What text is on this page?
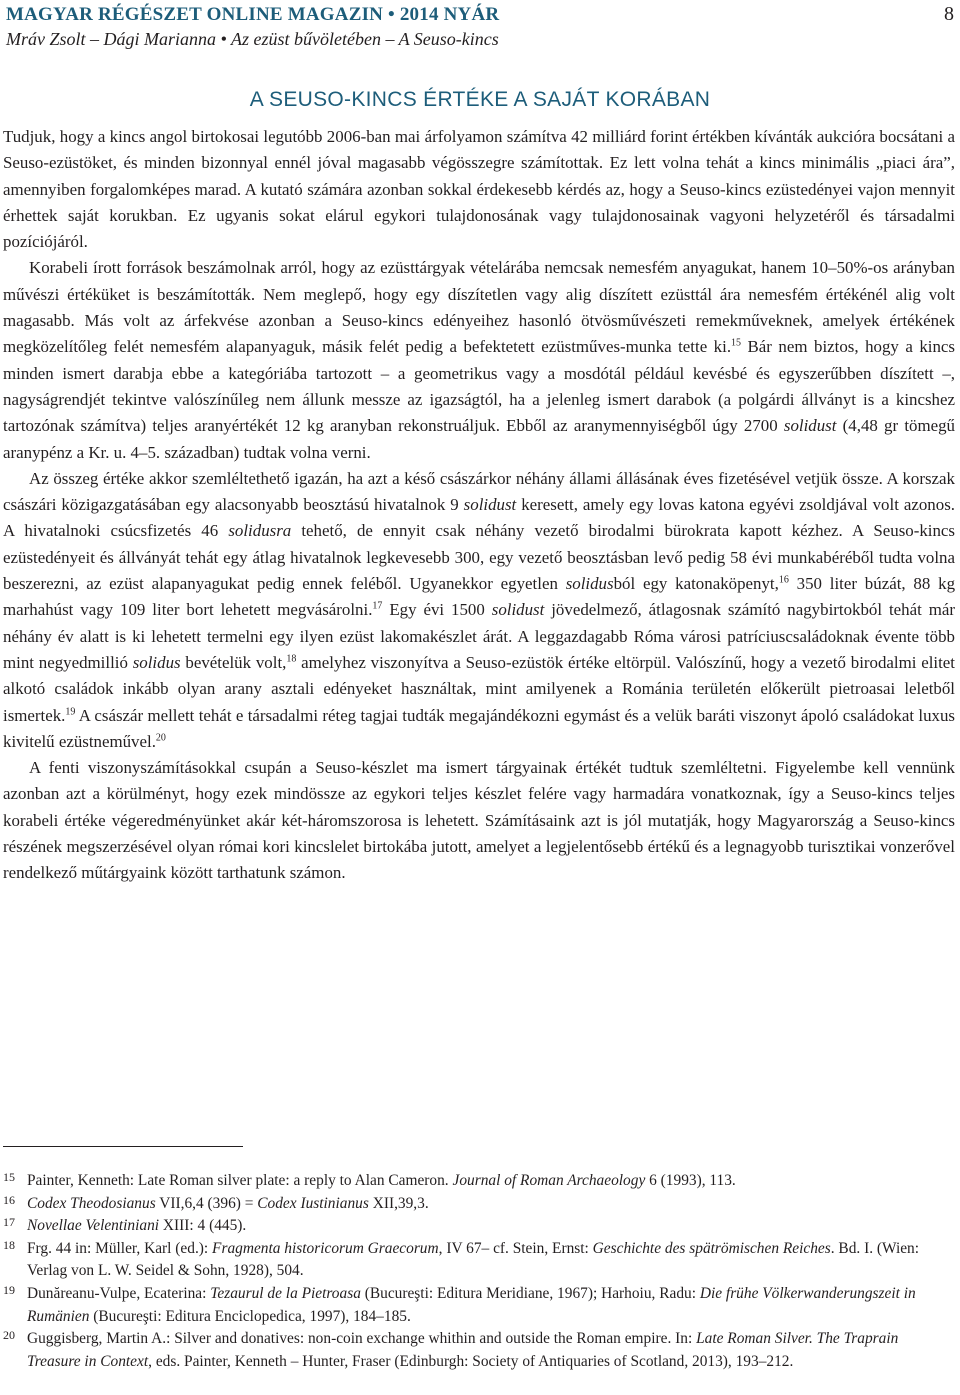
MAGYAR RÉGÉSZET ONLINE MAGAZIN • 2014 NYÁR	8
Mráv Zsolt – Dági Marianna • Az ezüst bűvöletében – A Seuso-kincs
A SEUSO-KINCS ÉRTÉKE A SAJÁT KORÁBAN

Tudjuk, hogy a kincs angol birtokosai legutóbb 2006-ban mai árfolyamon számítva 42 milliárd forint értékben kívánták aukcióra bocsátani a Seuso-ezüstöket, és minden bizonnyal ennél jóval magasabb végösszegre számítottak. Ez lett volna tehát a kincs minimális „piaci ára”, amennyiben forgalomképes marad. A kutató számára azonban sokkal érdekesebb kérdés az, hogy a Seuso-kincs ezüstedényei vajon mennyit érhettek saját korukban. Ez ugyanis sokat elárul egykori tulajdonosának vagy tulajdonosainak vagyoni helyzetéről és társadalmi pozíciójáról.

Korabeli írott források beszámolnak arról, hogy az ezüsttárgyak vételárába nemcsak nemesfém anyagukat, hanem 10–50%-os arányban művészi értéküket is beszámították. Nem meglepő, hogy egy díszítetlen vagy alig díszített ezüsttál ára nemesfém értékénél alig volt magasabb. Más volt az árfekvése azonban a Seuso-kincs edényeihez hasonló ötvösművészeti remekműveknek, amelyek értékének megközelítőleg felét nemesfém alapanyaguk, másik felét pedig a befektetett ezüstműves-munka tette ki.$^{15}$ Bár nem biztos, hogy a kincs minden ismert darabja ebbe a kategóriába tartozott – a geometrikus vagy a mosdótál például kevésbé és egyszerűbben díszített –, nagyságrendjét tekintve valószínűleg nem állunk messze az igazságtól, ha a jelenleg ismert darabok (a polgárdi állványt is a kincshez tartozónak számítva) teljes aranyértékét 12 kg aranyban rekonstruáljuk. Ebből az aranymennyiségből úgy 2700 solidust (4,48 gr tömegű aranypénz a Kr. u. 4–5. században) tudtak volna verni.

Az összeg értéke akkor szemléltethető igazán, ha azt a késő császárkor néhány állami állásának éves fizetésével vetjük össze. A korszak császári közigazgatásában egy alacsonyabb beosztású hivatalnok 9 solidust keresett, amely egy lovas katona egyévi zsoldjával volt azonos. A hivatalnoki csúcsfizetés 46 solidusra tehető, de ennyit csak néhány vezető birodalmi bürokrata kapott kézhez. A Seuso-kincs ezüstedényeit és állványát tehát egy átlag hivatalnok legkevesebb 300, egy vezető beosztásban levő pedig 58 évi munkabéréből tudta volna beszerezni, az ezüst alapanyagukat pedig ennek feléből. Ugyanekkor egyetlen solidusból egy katonaköpenyt,$^{16}$ 350 liter búzát, 88 kg marhahúst vagy 109 liter bort lehetett megvásárolni.$^{17}$ Egy évi 1500 solidust jövedelmező, átlagosnak számító nagybirtokból tehát már néhány év alatt is ki lehetett termelni egy ilyen ezüst lakomakészlet árát. A leggazdagabb Róma városi patríciuscsaládoknak évente több mint negyedmillió solidus bevételük volt,$^{18}$ amelyhez viszonyítva a Seuso-ezüstök értéke eltörpül. Valószínű, hogy a vezető birodalmi elitet alkotó családok inkább olyan arany asztali edényeket használtak, mint amilyenek a Románia területén előkerült pietroasai leletből ismertek.$^{19}$ A császár mellett tehát e társadalmi réteg tagjai tudták megajándékozni egymást és a velük baráti viszonyt ápoló családokat luxus kivitelű ezüstneművel.$^{20}$

A fenti viszonyszámításokkal csupán a Seuso-készlet ma ismert tárgyainak értékét tudtuk szemléltetni. Figyelembe kell vennünk azonban azt a körülményt, hogy ezek mindössze az egykori teljes készlet felére vagy harmadára vonatkoznak, így a Seuso-kincs teljes korabeli értéke végeredményünket akár két-háromszorosa is lehetett. Számításaink azt is jól mutatják, hogy Magyarország a Seuso-kincs részének megszerzésével olyan római kori kincslelet birtokába jutott, amelyet a legjelentősebb értékű és a legnagyobb turisztikai vonzerővel rendelkező műtárgyaink között tarthatunk számon.

15 Painter, Kenneth: Late Roman silver plate: a reply to Alan Cameron. Journal of Roman Archaeology 6 (1993), 113.
16 Codex Theodosianus VII,6,4 (396) = Codex Iustinianus XII,39,3.
17 Novellae Velentiniani XIII: 4 (445).
18 Frg. 44 in: Müller, Karl (ed.): Fragmenta historicorum Graecorum, IV 67– cf. Stein, Ernst: Geschichte des spätrömischen Reiches. Bd. I. (Wien: Verlag von L. W. Seidel & Sohn, 1928), 504.
19 Dunăreanu-Vulpe, Ecaterina: Tezaurul de la Pietroasa (Bucureşti: Editura Meridiane, 1967); Harhoiu, Radu: Die frühe Völkerwanderungszeit in Rumänien (Bucureşti: Editura Enciclopedica, 1997), 184–185.
20 Guggisberg, Martin A.: Silver and donatives: non-coin exchange whithin and outside the Roman empire. In: Late Roman Silver. The Traprain Treasure in Context, eds. Painter, Kenneth – Hunter, Fraser (Edinburgh: Society of Antiquaries of Scotland, 2013), 193–212.
